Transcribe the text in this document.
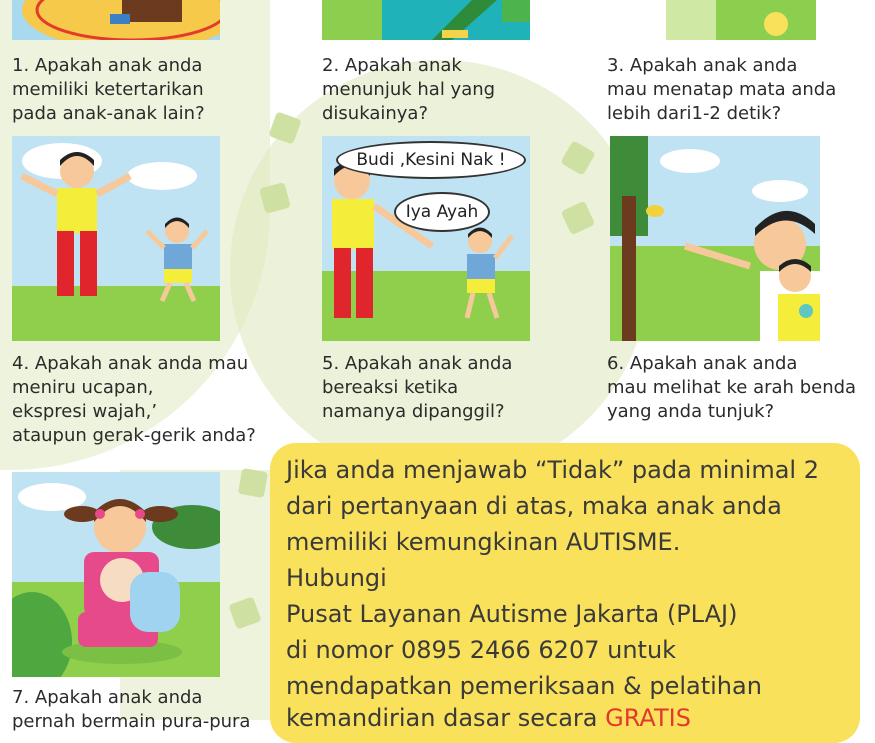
1. Apakah anak anda
memiliki ketertarikan
pada anak-anak lain?
2. Apakah anak
menunjuk hal yang
disukainya?
3. Apakah anak anda
mau menatap mata anda
lebih dari1-2 detik?
Budi ,Kesini Nak !
Iya Ayah
4. Apakah anak anda mau
meniru ucapan,
ekspresi wajah,’
ataupun gerak-gerik anda?
5. Apakah anak anda
bereaksi ketika
namanya dipanggil?
6. Apakah anak anda
mau melihat ke arah benda
yang anda tunjuk?
7. Apakah anak anda
pernah bermain pura-pura
Jika anda menjawab “Tidak” pada minimal 2
dari pertanyaan di atas, maka anak anda
memiliki kemungkinan AUTISME.
Hubungi
Pusat Layanan Autisme Jakarta (PLAJ)
di nomor 0895 2466 6207 untuk
mendapatkan pemeriksaan & pelatihan
kemandirian dasar secara GRATIS
